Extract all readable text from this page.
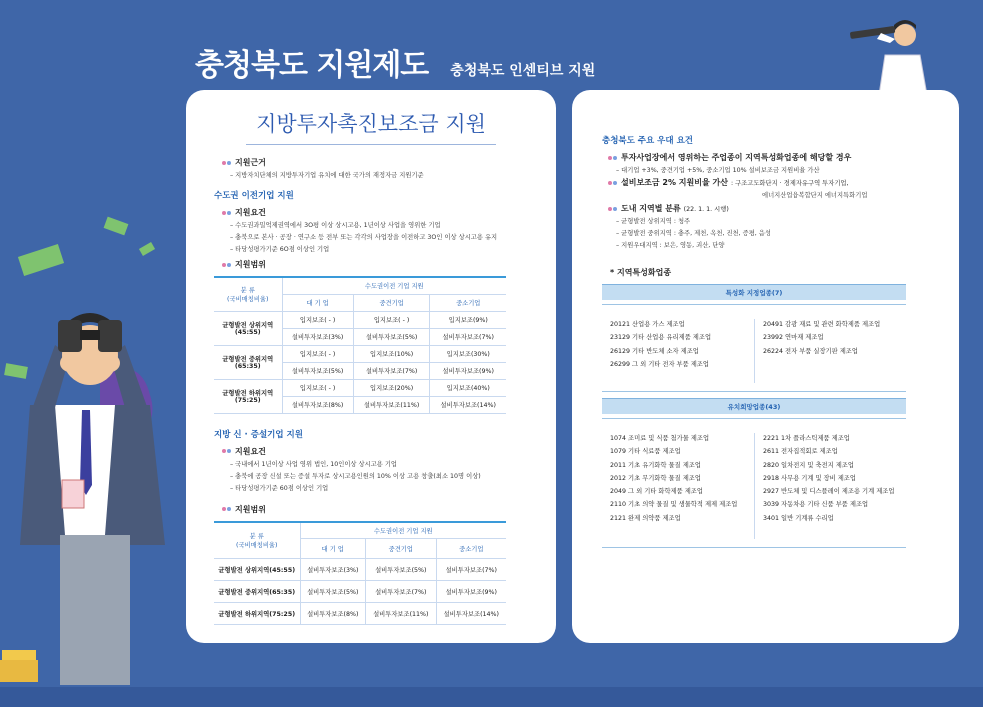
충청북도 지원제도 충청북도 인센티브 지원
지방투자촉진보조금 지원
지원근거
– 지방자치단체의 지방투자기업 유치에 대한 국가의 재정자금 지원기준
수도권 이전기업 지원
지원요건
– 수도권과밀억제권역에서 3O평 이상 상시고용, 1년이상 사업을 영위한 기업
– 충북으로 본사 · 공장 · 연구소 등 전부 또는 각각의 사업장을 이전하고 3O인 이상 상시고용 유지
– 타당성평가기준 6O점 이상인 기업
지원범위
분 류
(국비매칭비율)	수도권이전 기업 지원		
	대 기 업	중견기업	중소기업
균형발전 상위지역
(45:55)	입지보조( - )	입지보조( - )	입지보조(9%)
	설비투자보조(3%)	설비투자보조(5%)	설비투자보조(7%)
균형발전 중위지역
(65:35)	입지보조( - )	입지보조(10%)	입지보조(30%)
	설비투자보조(5%)	설비투자보조(7%)	설비투자보조(9%)
균형발전 하위지역
(75:25)	입지보조( - )	입지보조(20%)	입지보조(40%)
	설비투자보조(8%)	설비투자보조(11%)	설비투자보조(14%)
지방 신 · 증설기업 지원
지원요건
– 국내에서 1년이상 사업 영위 법인, 10인이상 상시고용 기업
– 충북에 공장 신설 또는 증설 투자로 상시고용인원의 10% 이상 고용 창출(최소 10명 이상)
– 타당성평가기준 60점 이상인 기업
지원범위
분 류
(국비매칭비율)	수도권이전 기업 지원		
	대 기 업	중견기업	중소기업
균형발전 상위지역(45:55)	설비투자보조(3%)	설비투자보조(5%)	설비투자보조(7%)
균형발전 중위지역(65:35)	설비투자보조(5%)	설비투자보조(7%)	설비투자보조(9%)
균형발전 하위지역(75:25)	설비투자보조(8%)	설비투자보조(11%)	설비투자보조(14%)
충청북도 주요 우대 요건
투자사업장에서 영위하는 주업종이 지역특성화업종에 해당할 경우
– 대기업 +3%, 중견기업 +5%, 중소기업 10% 설비보조금 지원비율 가산
설비보조금 2% 지원비율 가산 : 구조고도화단지 · 경제자유구역 투자기업,
에너지산업융복합단지 에너지특화기업
도내 지역별 분류 (22. 1. 1. 시행)
– 균형발전 상위지역 : 청주
– 균형발전 중위지역 : 충주, 제천, 옥천, 진천, 증평, 음성
– 지원우대지역 : 보은, 영동, 괴산, 단양
* 지역특성화업종
특성화 지정업종(7)
20121 산업용 가스 제조업
23129 기타 산업용 유리제품 제조업
26129 기타 반도체 소자 제조업
26299 그 외 기타 전자 부품 제조업
20491 감광 재료 및 관련 화학제품 제조업
23992 연마재 제조업
26224 전자 부품 실장기판 제조업
유치희망업종(43)
1074 조미료 및 식품 첨가물 제조업
1079 기타 식료품 제조업
2011 기초 유기화학 물질 제조업
2012 기초 무기화학 물질 제조업
2049 그 외 기타 화학제품 제조업
2110 기초 의약 물질 및 생물학적 제제 제조업
2121 완제 의약품 제조업
2221 1차 플라스틱제품 제조업
2611 전자집적회로 제조업
2820 일차전지 및 축전지 제조업
2918 사무용 기계 및 장비 제조업
2927 반도체 및 디스플레이 제조용 기계 제조업
3039 자동차용 기타 신품 부품 제조업
3401 일반 기계류 수리업
